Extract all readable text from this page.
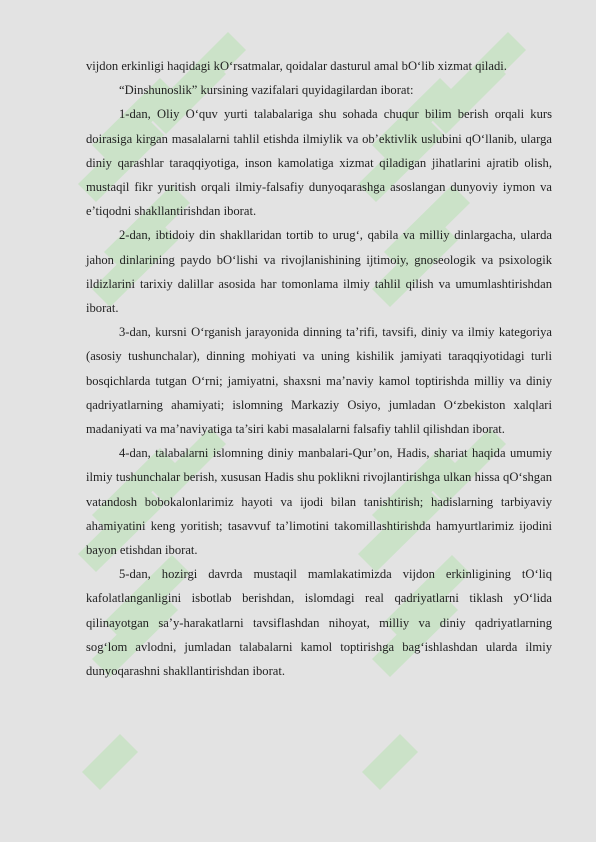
vijdon erkinligi haqidagi kO‘rsatmalar, qoidalar dasturul amal bO‘lib xizmat qiladi.

“Dinshunoslik” kursining vazifalari quyidagilardan iborat:

1-dan, Oliy O‘quv yurti talabalariga shu sohada chuqur bilim berish orqali kurs doirasiga kirgan masalalarni tahlil etishda ilmiylik va ob’ektivlik uslubini qO‘llanib, ularga diniy qarashlar taraqqiyotiga, inson kamolatiga xizmat qiladigan jihatlarini ajratib olish, mustaqil fikr yuritish orqali ilmiy-falsafiy dunyoqarashga asoslangan dunyoviy iymon va e’tiqodni shakllantirishdan iborat.

2-dan, ibtidoiy din shakllaridan tortib to urug‘, qabila va milliy dinlargacha, ularda jahon dinlarining paydo bO‘lishi va rivojlanishining ijtimoiy, gnoseologik va psixologik ildizlarini tarixiy dalillar asosida har tomonlama ilmiy tahlil qilish va umumlashtirishdan iborat.

3-dan, kursni O‘rganish jarayonida dinning ta’rifi, tavsifi, diniy va ilmiy kategoriya (asosiy tushunchalar), dinning mohiyati va uning kishilik jamiyati taraqqiyotidagi turli bosqichlarda tutgan O‘rni; jamiyatni, shaxsni ma’naviy kamol toptirishda milliy va diniy qadriyatlarning ahamiyati; islomning Markaziy Osiyo, jumladan O‘zbekiston xalqlari madaniyati va ma’naviyatiga ta’siri kabi masalalarni falsafiy tahlil qilishdan iborat.

4-dan, talabalarni islomning diniy manbalari-Qur’on, Hadis, shariat haqida umumiy ilmiy tushunchalar berish, xususan Hadis shu poklikni rivojlantirishga ulkan hissa qO‘shgan vatandosh bobokalonlarimiz hayoti va ijodi bilan tanishtirish; hadislarning tarbiyaviy ahamiyatini keng yoritish; tasavvuf ta’limotini takomillashtirishda hamyurtlarimiz ijodini bayon etishdan iborat.

5-dan, hozirgi davrda mustaqil mamlakatimizda vijdon erkinligining tO‘liq kafolatlanganligini isbotlab berishdan, islomdagi real qadriyatlarni tiklash yO‘lida qilinayotgan sa’y-harakatlarni tavsiflashdan nihoyat, milliy va diniy qadriyatlarning sog‘lom avlodni, jumladan talabalarni kamol toptirishga bag‘ishlashdan ularda ilmiy dunyoqarashni shakllantirishdan iborat.
